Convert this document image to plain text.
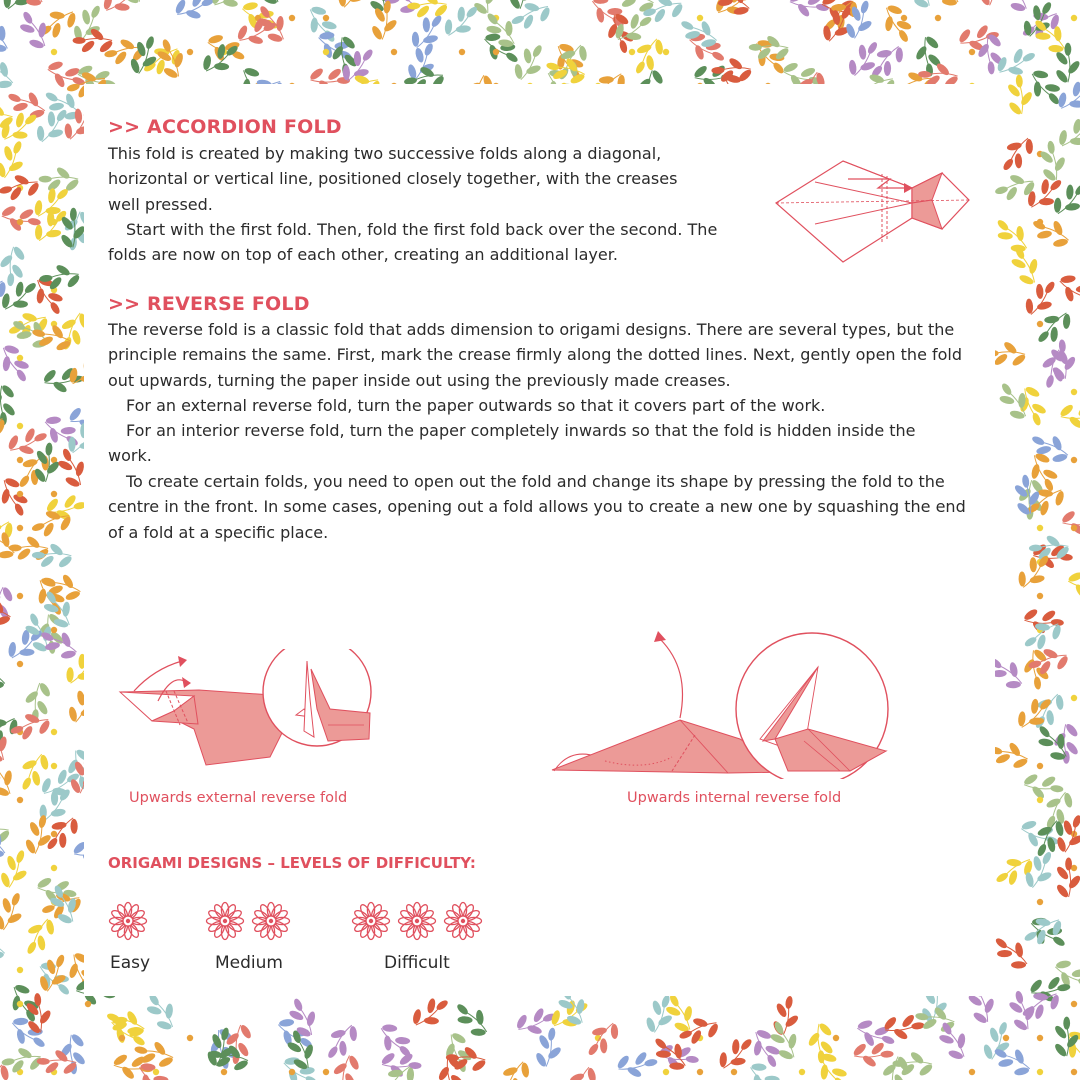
>> ACCORDION FOLD

This fold is created by making two successive folds along a diagonal, horizontal or vertical line, positioned closely together, with the creases well pressed.

Start with the first fold. Then, fold the first fold back over the second. The folds are now on top of each other, creating an additional layer.

>> REVERSE FOLD

The reverse fold is a classic fold that adds dimension to origami designs. There are several types, but the principle remains the same. First, mark the crease firmly along the dotted lines. Next, gently open the fold out upwards, turning the paper inside out using the previously made creases.

For an external reverse fold, turn the paper outwards so that it covers part of the work.

For an interior reverse fold, turn the paper completely inwards so that the fold is hidden inside the work.

To create certain folds, you need to open out the fold and change its shape by pressing the fold to the centre in the front. In some cases, opening out a fold allows you to create a new one by squashing the end of a fold at a specific place.

Upwards external reverse fold	Upwards internal reverse fold
ORIGAMI DESIGNS – LEVELS OF DIFFICULTY:
Easy	Medium	Difficult
